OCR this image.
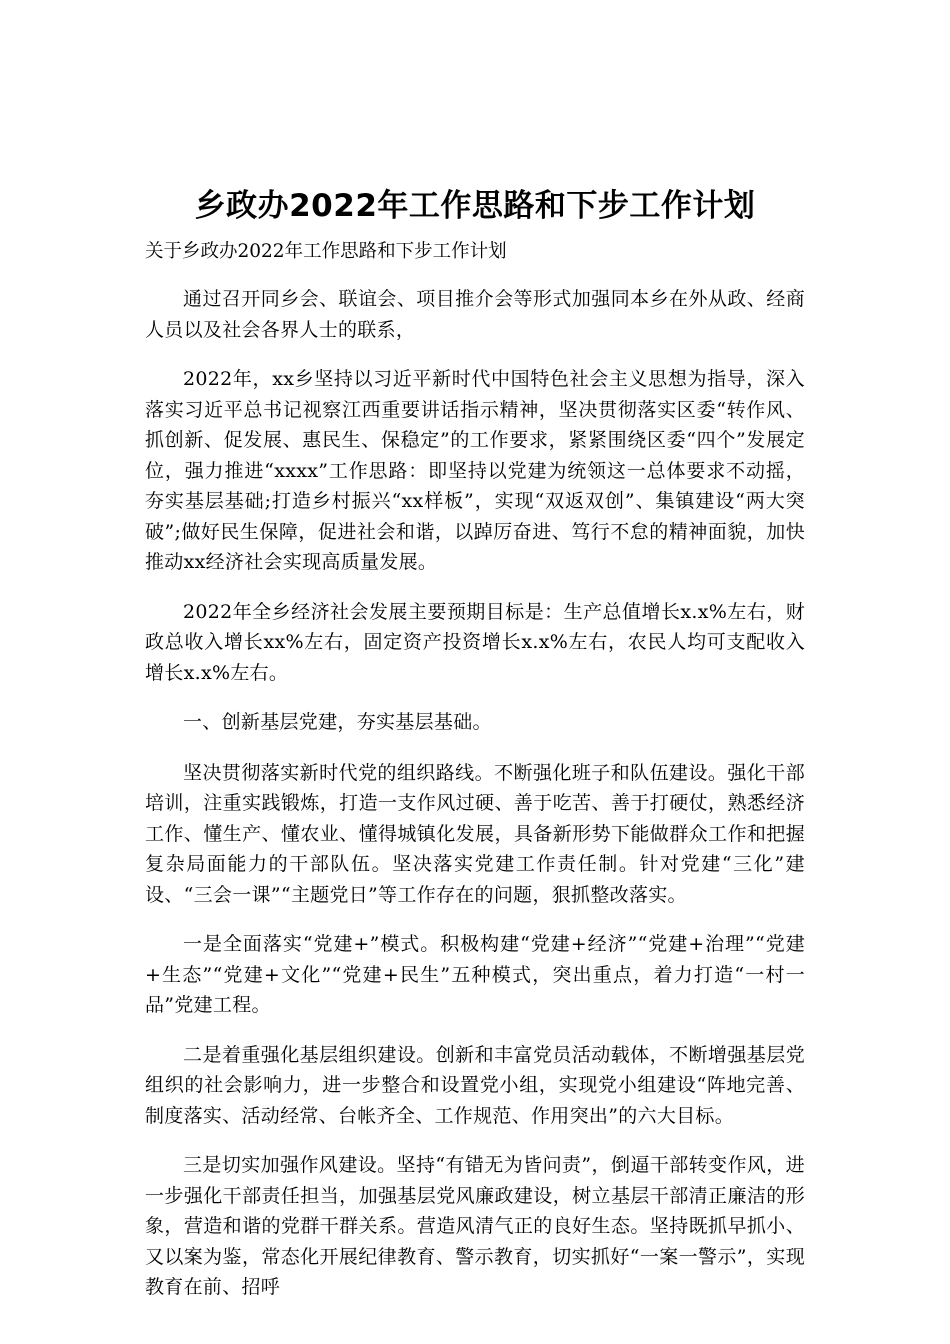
乡政办2022年工作思路和下步工作计划
关于乡政办2022年工作思路和下步工作计划

通过召开同乡会、联谊会、项目推介会等形式加强同本乡在外从政、经商人员以及社会各界人士的联系，

2022年，xx乡坚持以习近平新时代中国特色社会主义思想为指导，深入落实习近平总书记视察江西重要讲话指示精神，坚决贯彻落实区委“转作风、抓创新、促发展、惠民生、保稳定”的工作要求，紧紧围绕区委“四个”发展定位，强力推进“xxxx”工作思路：即坚持以党建为统领这一总体要求不动摇，夯实基层基础;打造乡村振兴“xx样板”，实现“双返双创”、集镇建设“两大突破”;做好民生保障，促进社会和谐，以踔厉奋进、笃行不怠的精神面貌，加快推动xx经济社会实现高质量发展。

2022年全乡经济社会发展主要预期目标是：生产总值增长x.x%左右，财政总收入增长xx%左右，固定资产投资增长x.x%左右，农民人均可支配收入增长x.x%左右。

一、创新基层党建，夯实基层基础。

坚决贯彻落实新时代党的组织路线。不断强化班子和队伍建设。强化干部培训，注重实践锻炼，打造一支作风过硬、善于吃苦、善于打硬仗，熟悉经济工作、懂生产、懂农业、懂得城镇化发展，具备新形势下能做群众工作和把握复杂局面能力的干部队伍。坚决落实党建工作责任制。针对党建“三化”建设、“三会一课”“主题党日”等工作存在的问题，狠抓整改落实。

一是全面落实“党建+”模式。积极构建“党建+经济”“党建+治理”“党建+生态”“党建+文化”“党建+民生”五种模式，突出重点，着力打造“一村一品”党建工程。

二是着重强化基层组织建设。创新和丰富党员活动载体，不断增强基层党组织的社会影响力，进一步整合和设置党小组，实现党小组建设“阵地完善、制度落实、活动经常、台帐齐全、工作规范、作用突出”的六大目标。

三是切实加强作风建设。坚持“有错无为皆问责”，倒逼干部转变作风，进一步强化干部责任担当，加强基层党风廉政建设，树立基层干部清正廉洁的形象，营造和谐的党群干群关系。营造风清气正的良好生态。坚持既抓早抓小、又以案为鉴，常态化开展纪律教育、警示教育，切实抓好“一案一警示”，实现教育在前、招呼
